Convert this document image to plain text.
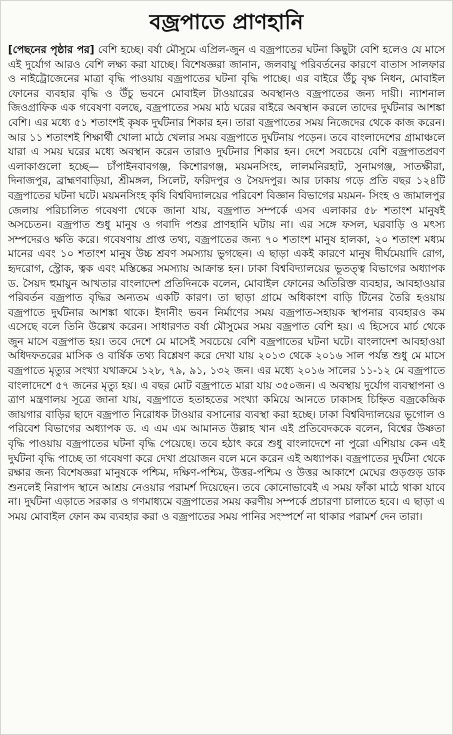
বজ্রপাতে প্রাণহানি
[পেছনের পৃষ্ঠার পর] বেশি হচ্ছে। বর্ষা মৌসুমে এপ্রিল-জুন এ বজ্রপাতের ঘটনা কিছুটা বেশি হলেও যে মাসে এই দুর্যোগ আরও বেশি লক্ষ্য করা যাচ্ছে। বিশেষজ্ঞরা জানান, জলবায়ু পরিবর্তনের কারণে বাতাস সালফার ও নাইট্রোজেনের মাত্রা বৃদ্ধি পাওয়ায় বজ্রপাতের ঘটনা বৃদ্ধি পাচ্ছে। এর বাইরে উঁচু বৃক্ষ নিধন, মোবাইল ফোনের ব্যবহার বৃদ্ধি ও উঁচু ভবনে মোবাইল টাওয়ারের অবস্থানও বজ্রপাতের জন্য দায়ী। ন্যাশনাল জিওগ্রাফিক এক গবেষণা বলছে, বজ্রপাতের সময় মাঠ ঘরের বাইরে অবস্থান করলে তাদের দুর্ঘটনার আশঙ্কা বেশি। এর মধ্যে ৫১ শতাংশই কৃষক দুর্ঘটনার শিকার হন। তারা বজ্রপাতের সময় নিজেদের থেকে কাজ করেন। আর ১১ শতাংশই শিক্ষার্থী খোলা মাঠে খেলার সময় বজ্রপাতে দুর্ঘটনায় পড়েন। তবে বাংলাদেশের গ্রামাঞ্চলে যারা এ সময় ঘরের মধ্যে অবস্থান করেন তারাও দুর্ঘটনার শিকার হন। দেশে সবচেয়ে বেশি বজ্রপাতপ্রবণ এলাকাগুলো হচ্ছে— চাঁপাইনবাবগঞ্জ, কিশোরগঞ্জ, ময়মনসিংহ, লালমনিরহাট, সুনামগঞ্জ, সাতক্ষীরা, দিনাজপুর, ব্রাহ্মণবাড়িয়া, শ্রীমঙ্গল, সিলেট, ফরিদপুর ও সৈয়দপুর। আর ঢাকায় গড়ে প্রতি বছর ১২৪টি বজ্রপাতের ঘটনা ঘটে। ময়মনসিংহ কৃষি বিশ্ববিদ্যালয়ের পরিবেশ বিজ্ঞান বিভাগের ময়মন- সিংহ ও জামালপুর জেলায় পরিচালিত গবেষণা থেকে জানা যায়, বজ্রপাত সম্পর্কে এসব এলাকার ৫৮ শতাংশ মানুষই অসচেতন। বজ্রপাত শুধু মানুষ ও গবাদি পশুর প্রাণহানি ঘটায় না। এর সঙ্গে ফসল, ঘরবাড়ি ও মৎস্য সম্পদেরও ক্ষতি করে। গবেষণায় প্রাপ্ত তথ্য, বজ্রপাতের জন্য ৭০ শতাংশ মানুষ হালকা, ২০ শতাংশ মধ্যম মানের এবং ১০ শতাংশ মানুষ উচ্চ শ্রবণ সমস্যায় ভুগছেন। এ ছাড়া একই কারণে মানুষ দীর্ঘমেয়াদি রোগ, হৃদরোগ, স্ট্রোক, ত্বক এবং মস্তিষ্কের সমস্যায় আক্রান্ত হন। ঢাকা বিশ্ববিদ্যালয়ের ভূতত্ত্ব বিভাগের অধ্যাপক ড. সৈয়দ হুমায়ুন আখতার বাংলাদেশ প্রতিদিনকে বলেন, মোবাইল ফোনের অতিরিক্ত ব্যবহার, আবহাওয়ার পরিবর্তন বজ্রপাত বৃদ্ধির অন্যতম একটি কারণ। তা ছাড়া গ্রামে অধিকাংশ বাড়ি টিনের তৈরি হওয়ায় বজ্রপাতে দুর্ঘটনার আশঙ্কা থাকে। ইদানীং ভবন নির্মাণের সময় বজ্রপাত-সহায়ক স্থাপনার ব্যবহারও কম এসেছে বলে তিনি উল্লেখ করেন। সাধারণত বর্ষা মৌসুমের সময় বজ্রপাত বেশি হয়। এ হিসেবে মার্চ থেকে জুন মাসে বজ্রপাত হয়। তবে দেশে মে মাসেই সবচেয়ে বেশি বজ্রপাতের ঘটনা ঘটে। বাংলাদেশ আবহাওয়া অধিদফতরের মাসিক ও বার্ষিক তথ্য বিশ্লেষণ করে দেখা যায় ২০১৩ থেকে ২০১৬ সাল পর্যন্ত শুধু মে মাসে বজ্রপাতে মৃত্যুর সংখ্যা যথাক্রমে ১২৮, ৭৯, ৯১, ১৩২ জন। এর মধ্যে ২০১৬ সালের ১১-১২ মে বজ্রপাতে বাংলাদেশে ৫৭ জনের মৃত্যু হয়। এ বছর মোট বজ্রপাতে মারা যায় ৩৫০জন। এ অবস্থায় দুর্যোগ ব্যবস্থাপনা ও ত্রাণ মন্ত্রণালয় সূত্রে জানা যায়, বজ্রপাতে হতাহতের সংখ্যা কমিয়ে আনতে ঢাকাসহ চিহ্নিত বজ্রকেন্দ্রিক জায়গার বাড়ির ছাদে বজ্রপাত নিরোধক টাওয়ার বসানোর ব্যবস্থা করা হচ্ছে। ঢাকা বিশ্ববিদ্যালয়ের ভূগোল ও পরিবেশ বিভাগের অধ্যাপক ড. এ এম এম আমানত উল্লাহ খান এই প্রতিবেদককে বলেন, বিশ্বের উষ্ণতা বৃদ্ধি পাওয়ায় বজ্রপাতের ঘটনা বৃদ্ধি পেয়েছে। তবে হঠাৎ করে শুধু বাংলাদেশে না পুরো এশিয়ায় কেন এই দুর্ঘটনা বৃদ্ধি পাচ্ছে তা গবেষণা করে দেখা প্রয়োজন বলে মনে করেন এই অধ্যাপক। বজ্রপাতের দুর্ঘটনা থেকে রক্ষার জন্য বিশেষজ্ঞরা মানুষকে পশ্চিম, দক্ষিণ-পশ্চিম, উত্তর-পশ্চিম ও উত্তর আকাশে মেঘের গুড়গুড় ডাক শুনলেই নিরাপদ স্থানে আশ্রয় নেওয়ার পরামর্শ দিয়েছেন। তবে কোনোভাবেই এ সময় ফাঁকা মাঠে থাকা যাবে না। দুর্ঘটনা এড়াতে সরকার ও গণমাধ্যমে বজ্রপাতের সময় করণীয় সম্পর্কে প্রচারণা চালাতে হবে। এ ছাড়া এ সময় মোবাইল ফোন কম ব্যবহার করা ও বজ্রপাতের সময় পানির সংস্পর্শে না থাকার পরামর্শ দেন তারা।
